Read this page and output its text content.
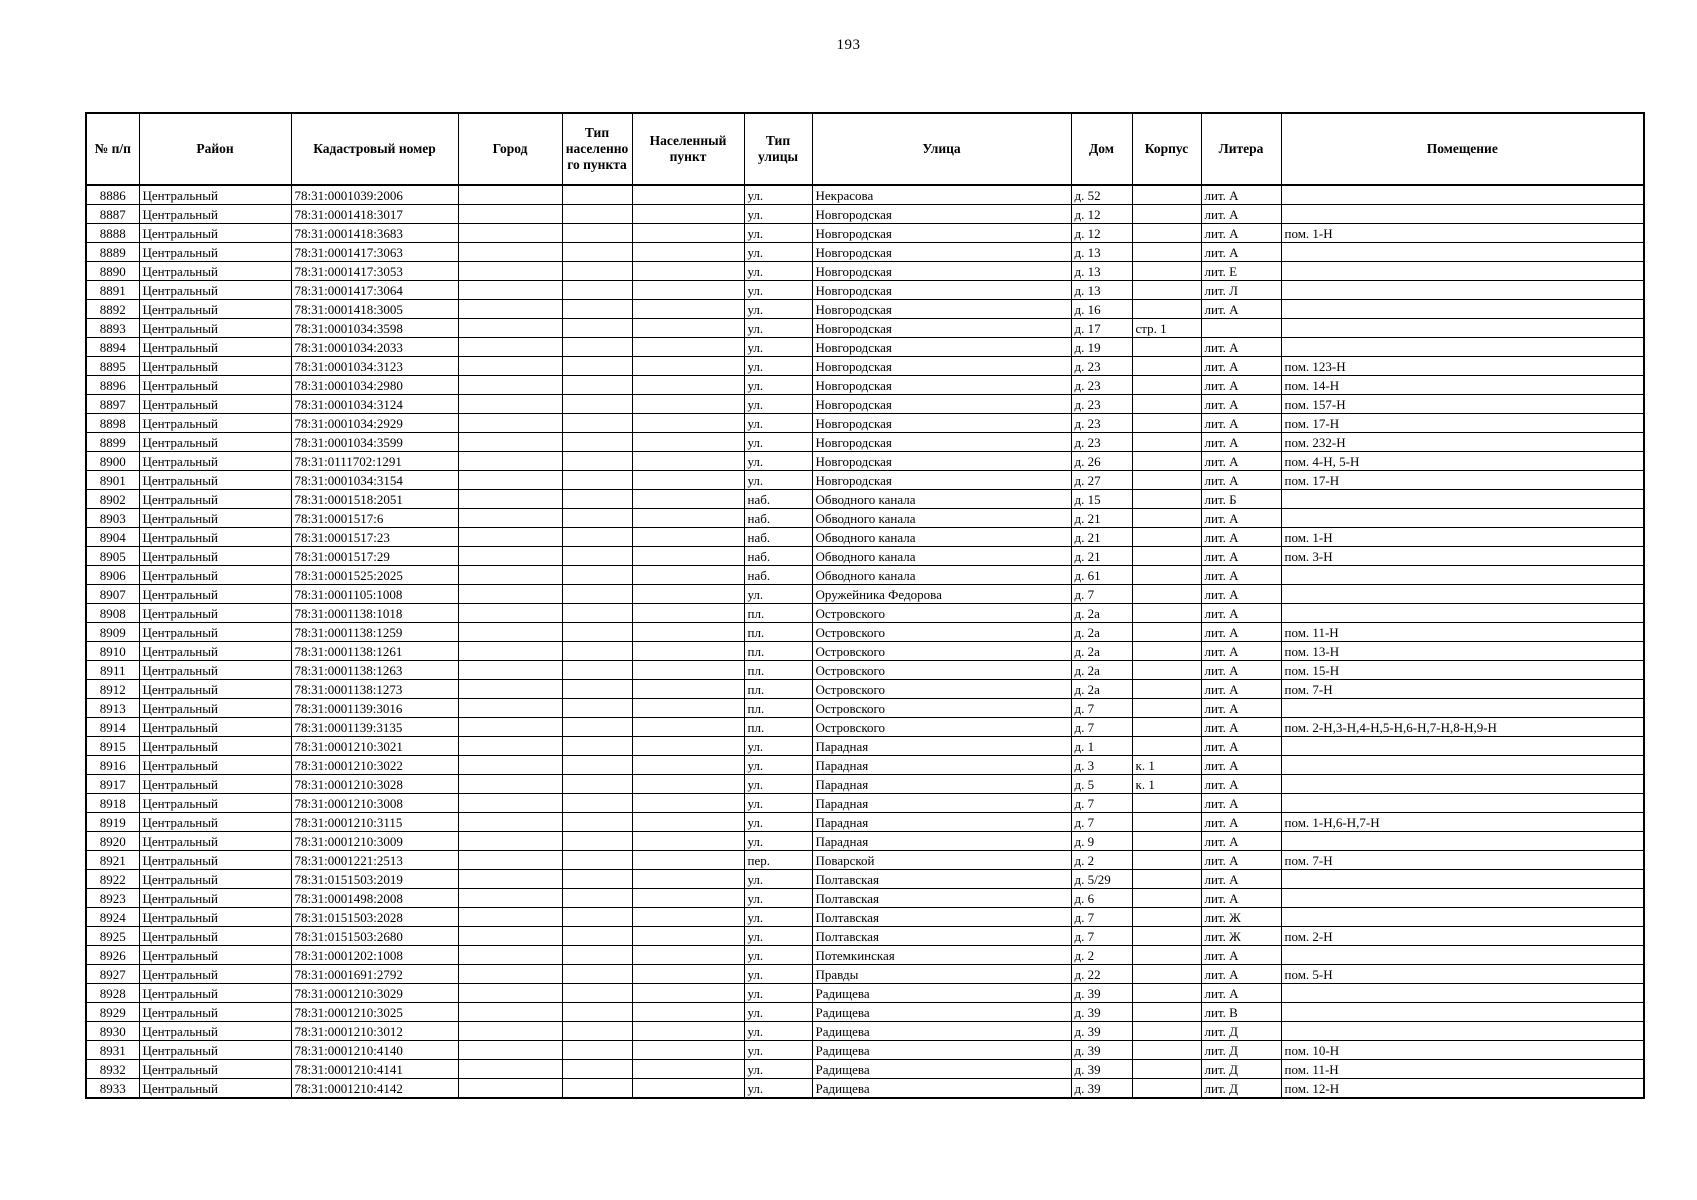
193
№ п/п	Район	Кадастровый номер	Город	Тип населенного пункта	Населенный пункт	Тип улицы	Улица	Дом	Корпус	Литера	Помещение
8886	Центральный	78:31:0001039:2006				ул.	Некрасова	д. 52		лит. А	
8887	Центральный	78:31:0001418:3017				ул.	Новгородская	д. 12		лит. А	
8888	Центральный	78:31:0001418:3683				ул.	Новгородская	д. 12		лит. А	пом. 1-Н
8889	Центральный	78:31:0001417:3063				ул.	Новгородская	д. 13		лит. А	
8890	Центральный	78:31:0001417:3053				ул.	Новгородская	д. 13		лит. Е	
8891	Центральный	78:31:0001417:3064				ул.	Новгородская	д. 13		лит. Л	
8892	Центральный	78:31:0001418:3005				ул.	Новгородская	д. 16		лит. А	
8893	Центральный	78:31:0001034:3598				ул.	Новгородская	д. 17	стр. 1		
8894	Центральный	78:31:0001034:2033				ул.	Новгородская	д. 19		лит. А	
8895	Центральный	78:31:0001034:3123				ул.	Новгородская	д. 23		лит. А	пом. 123-Н
8896	Центральный	78:31:0001034:2980				ул.	Новгородская	д. 23		лит. А	пом. 14-Н
8897	Центральный	78:31:0001034:3124				ул.	Новгородская	д. 23		лит. А	пом. 157-Н
8898	Центральный	78:31:0001034:2929				ул.	Новгородская	д. 23		лит. А	пом. 17-Н
8899	Центральный	78:31:0001034:3599				ул.	Новгородская	д. 23		лит. А	пом. 232-Н
8900	Центральный	78:31:0111702:1291				ул.	Новгородская	д. 26		лит. А	пом. 4-Н, 5-Н
8901	Центральный	78:31:0001034:3154				ул.	Новгородская	д. 27		лит. А	пом. 17-Н
8902	Центральный	78:31:0001518:2051				наб.	Обводного канала	д. 15		лит. Б	
8903	Центральный	78:31:0001517:6				наб.	Обводного канала	д. 21		лит. А	
8904	Центральный	78:31:0001517:23				наб.	Обводного канала	д. 21		лит. А	пом. 1-Н
8905	Центральный	78:31:0001517:29				наб.	Обводного канала	д. 21		лит. А	пом. 3-Н
8906	Центральный	78:31:0001525:2025				наб.	Обводного канала	д. 61		лит. А	
8907	Центральный	78:31:0001105:1008				ул.	Оружейника Федорова	д. 7		лит. А	
8908	Центральный	78:31:0001138:1018				пл.	Островского	д. 2а		лит. А	
8909	Центральный	78:31:0001138:1259				пл.	Островского	д. 2а		лит. А	пом. 11-Н
8910	Центральный	78:31:0001138:1261				пл.	Островского	д. 2а		лит. А	пом. 13-Н
8911	Центральный	78:31:0001138:1263				пл.	Островского	д. 2а		лит. А	пом. 15-Н
8912	Центральный	78:31:0001138:1273				пл.	Островского	д. 2а		лит. А	пом. 7-Н
8913	Центральный	78:31:0001139:3016				пл.	Островского	д. 7		лит. А	
8914	Центральный	78:31:0001139:3135				пл.	Островского	д. 7		лит. А	пом. 2-Н,3-Н,4-Н,5-Н,6-Н,7-Н,8-Н,9-Н
8915	Центральный	78:31:0001210:3021				ул.	Парадная	д. 1		лит. А	
8916	Центральный	78:31:0001210:3022				ул.	Парадная	д. 3	к. 1	лит. А	
8917	Центральный	78:31:0001210:3028				ул.	Парадная	д. 5	к. 1	лит. А	
8918	Центральный	78:31:0001210:3008				ул.	Парадная	д. 7		лит. А	
8919	Центральный	78:31:0001210:3115				ул.	Парадная	д. 7		лит. А	пом. 1-Н,6-Н,7-Н
8920	Центральный	78:31:0001210:3009				ул.	Парадная	д. 9		лит. А	
8921	Центральный	78:31:0001221:2513				пер.	Поварской	д. 2		лит. А	пом. 7-Н
8922	Центральный	78:31:0151503:2019				ул.	Полтавская	д. 5/29		лит. А	
8923	Центральный	78:31:0001498:2008				ул.	Полтавская	д. 6		лит. А	
8924	Центральный	78:31:0151503:2028				ул.	Полтавская	д. 7		лит. Ж	
8925	Центральный	78:31:0151503:2680				ул.	Полтавская	д. 7		лит. Ж	пом. 2-Н
8926	Центральный	78:31:0001202:1008				ул.	Потемкинская	д. 2		лит. А	
8927	Центральный	78:31:0001691:2792				ул.	Правды	д. 22		лит. А	пом. 5-Н
8928	Центральный	78:31:0001210:3029				ул.	Радищева	д. 39		лит. А	
8929	Центральный	78:31:0001210:3025				ул.	Радищева	д. 39		лит. В	
8930	Центральный	78:31:0001210:3012				ул.	Радищева	д. 39		лит. Д	
8931	Центральный	78:31:0001210:4140				ул.	Радищева	д. 39		лит. Д	пом. 10-Н
8932	Центральный	78:31:0001210:4141				ул.	Радищева	д. 39		лит. Д	пом. 11-Н
8933	Центральный	78:31:0001210:4142				ул.	Радищева	д. 39		лит. Д	пом. 12-Н
